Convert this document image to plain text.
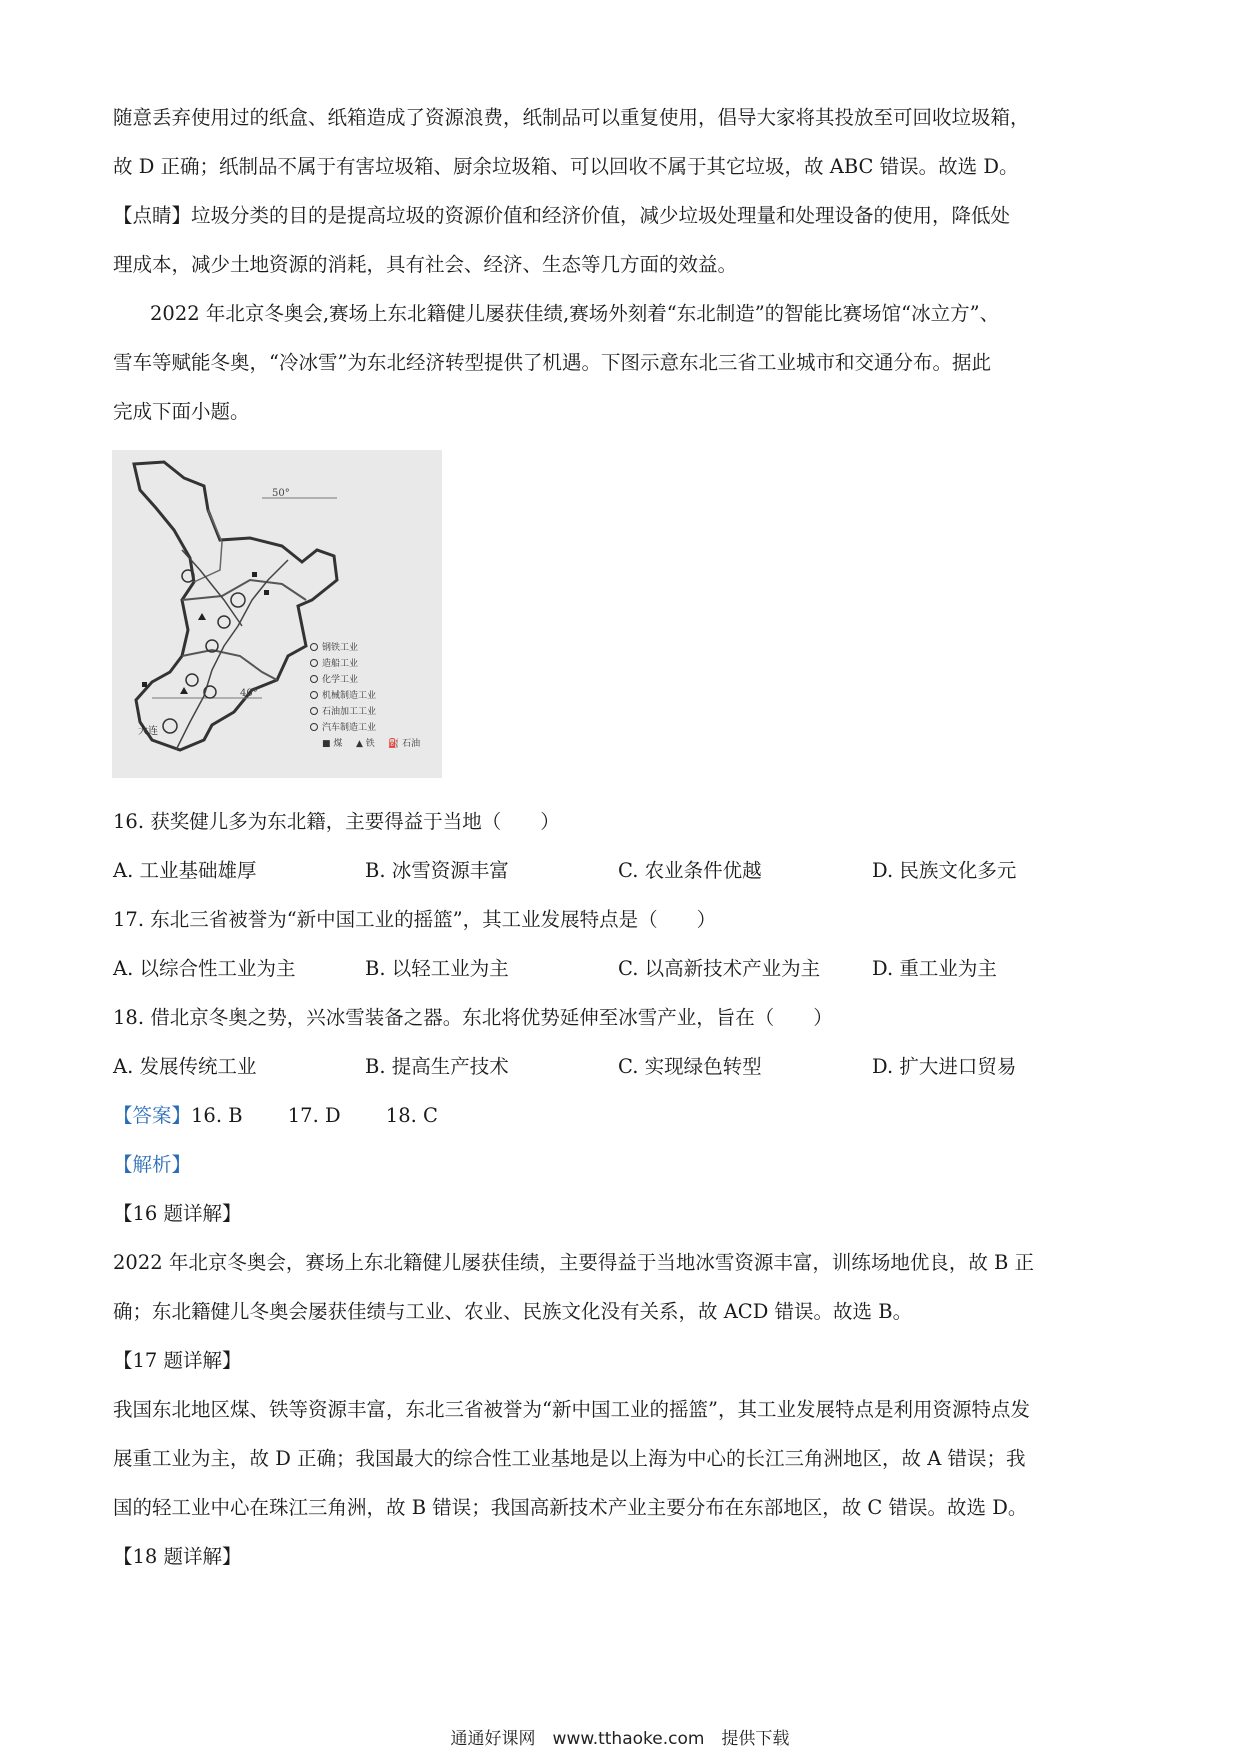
随意丢弃使用过的纸盒、纸箱造成了资源浪费，纸制品可以重复使用，倡导大家将其投放至可回收垃圾箱，
故 D 正确；纸制品不属于有害垃圾箱、厨余垃圾箱、可以回收不属于其它垃圾，故 ABC 错误。故选 D。
【点睛】垃圾分类的目的是提高垃圾的资源价值和经济价值，减少垃圾处理量和处理设备的使用，降低处
理成本，减少土地资源的消耗，具有社会、经济、生态等几方面的效益。
2022 年北京冬奥会,赛场上东北籍健儿屡获佳绩,赛场外刻着“东北制造”的智能比赛场馆“冰立方”、
雪车等赋能冬奥，“冷冰雪”为东北经济转型提供了机遇。下图示意东北三省工业城市和交通分布。据此
完成下面小题。
50°
40°
大连
钢铁工业
造船工业
化学工业
机械制造工业
石油加工工业
汽车制造工业
■ 煤 ▲ 铁 ⛽ 石油
16. 获奖健儿多为东北籍，主要得益于当地（　　）
A. 工业基础雄厚	B. 冰雪资源丰富	C. 农业条件优越	D. 民族文化多元
17. 东北三省被誉为“新中国工业的摇篮”，其工业发展特点是（　　）
A. 以综合性工业为主	B. 以轻工业为主	C. 以高新技术产业为主	D. 重工业为主
18. 借北京冬奥之势，兴冰雪装备之器。东北将优势延伸至冰雪产业，旨在（　　）
A. 发展传统工业	B. 提高生产技术	C. 实现绿色转型	D. 扩大进口贸易
【答案】16. B　　 17. D　　 18. C
【解析】
【16 题详解】
2022 年北京冬奥会，赛场上东北籍健儿屡获佳绩，主要得益于当地冰雪资源丰富，训练场地优良，故 B 正
确；东北籍健儿冬奥会屡获佳绩与工业、农业、民族文化没有关系，故 ACD 错误。故选 B。
【17 题详解】
我国东北地区煤、铁等资源丰富，东北三省被誉为“新中国工业的摇篮”，其工业发展特点是利用资源特点发
展重工业为主，故 D 正确；我国最大的综合性工业基地是以上海为中心的长江三角洲地区，故 A 错误；我
国的轻工业中心在珠江三角洲，故 B 错误；我国高新技术产业主要分布在东部地区，故 C 错误。故选 D。
【18 题详解】
通通好课网　www.tthaoke.com　提供下载
